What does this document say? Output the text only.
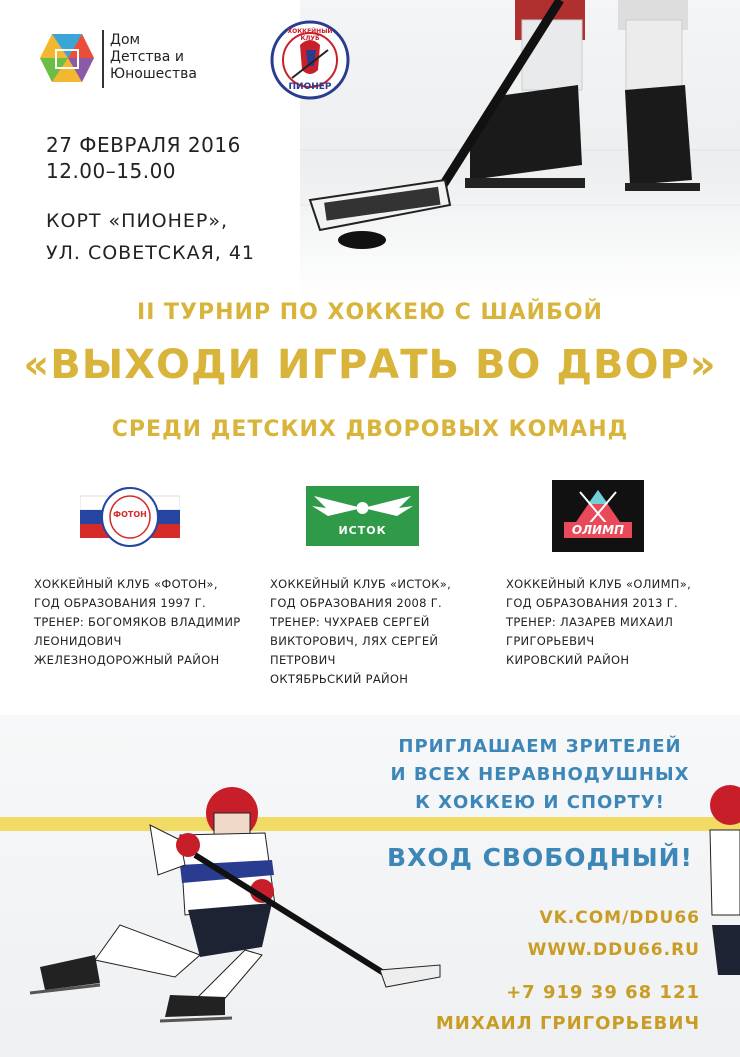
Дом
Детства и
Юношества
ХОККЕЙНЫЙ КЛУБ
ПИОНЕР
27 ФЕВРАЛЯ 2016
12.00–15.00
КОРТ «ПИОНЕР»,
УЛ. СОВЕТСКАЯ, 41
II ТУРНИР ПО ХОККЕЮ С ШАЙБОЙ
«ВЫХОДИ ИГРАТЬ ВО ДВОР»
СРЕДИ ДЕТСКИХ ДВОРОВЫХ КОМАНД
ФОТОН
ИСТОК	ОЛИМП
ХОККЕЙНЫЙ КЛУБ «ФОТОН»,
ГОД ОБРАЗОВАНИЯ 1997 Г.
ТРЕНЕР: БОГОМЯКОВ ВЛАДИМИР
ЛЕОНИДОВИЧ
ЖЕЛЕЗНОДОРОЖНЫЙ РАЙОН
ХОККЕЙНЫЙ КЛУБ «ИСТОК»,
ГОД ОБРАЗОВАНИЯ 2008 Г.
ТРЕНЕР: ЧУХРАЕВ СЕРГЕЙ
ВИКТОРОВИЧ, ЛЯХ СЕРГЕЙ
ПЕТРОВИЧ
ОКТЯБРЬСКИЙ РАЙОН
ХОККЕЙНЫЙ КЛУБ «ОЛИМП»,
ГОД ОБРАЗОВАНИЯ 2013 Г.
ТРЕНЕР: ЛАЗАРЕВ МИХАИЛ
ГРИГОРЬЕВИЧ
КИРОВСКИЙ РАЙОН
ПРИГЛАШАЕМ ЗРИТЕЛЕЙ
И ВСЕХ НЕРАВНОДУШНЫХ
К ХОККЕЮ И СПОРТУ!
ВХОД СВОБОДНЫЙ!
VK.COM/DDU66
WWW.DDU66.RU
+7 919 39 68 121
МИХАИЛ ГРИГОРЬЕВИЧ
